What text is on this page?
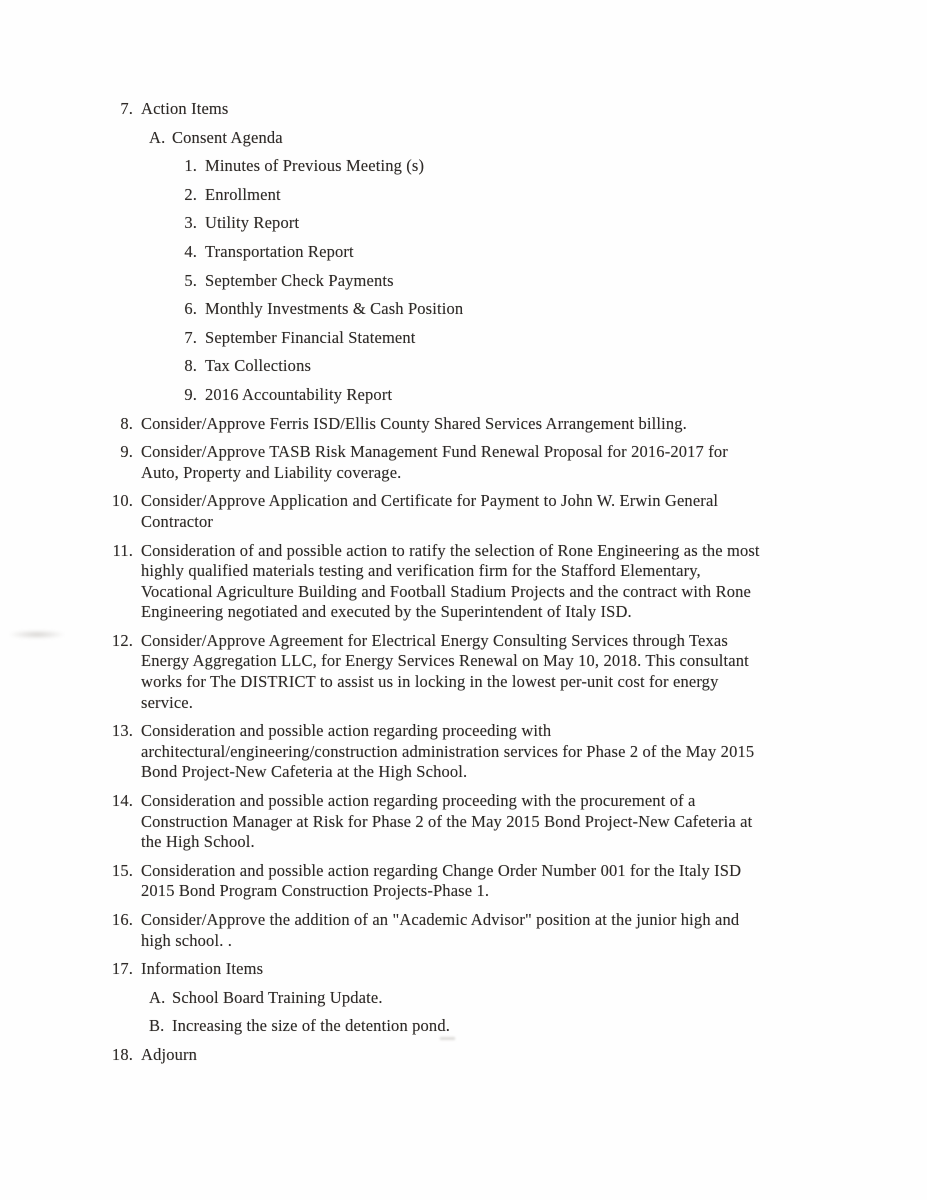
7. Action Items
A. Consent Agenda
1. Minutes of Previous Meeting (s)
2. Enrollment
3. Utility Report
4. Transportation Report
5. September Check Payments
6. Monthly Investments & Cash Position
7. September Financial Statement
8. Tax Collections
9. 2016 Accountability Report
8. Consider/Approve Ferris ISD/Ellis County Shared Services Arrangement billing.
9. Consider/Approve TASB Risk Management Fund Renewal Proposal for 2016-2017 for Auto, Property and Liability coverage.
10. Consider/Approve Application and Certificate for Payment to John W. Erwin General Contractor
11. Consideration of and possible action to ratify the selection of Rone Engineering as the most highly qualified materials testing and verification firm for the Stafford Elementary, Vocational Agriculture Building and Football Stadium Projects and the contract with Rone Engineering negotiated and executed by the Superintendent of Italy ISD.
12. Consider/Approve Agreement for Electrical Energy Consulting Services through Texas Energy Aggregation LLC, for Energy Services Renewal on May 10, 2018. This consultant works for The DISTRICT to assist us in locking in the lowest per-unit cost for energy service.
13. Consideration and possible action regarding proceeding with architectural/engineering/construction administration services for Phase 2 of the May 2015 Bond Project-New Cafeteria at the High School.
14. Consideration and possible action regarding proceeding with the procurement of a Construction Manager at Risk for Phase 2 of the May 2015 Bond Project-New Cafeteria at the High School.
15. Consideration and possible action regarding Change Order Number 001 for the Italy ISD 2015 Bond Program Construction Projects-Phase 1.
16. Consider/Approve the addition of an "Academic Advisor" position at the junior high and high school. .
17. Information Items
A. School Board Training Update.
B. Increasing the size of the detention pond.
18. Adjourn
